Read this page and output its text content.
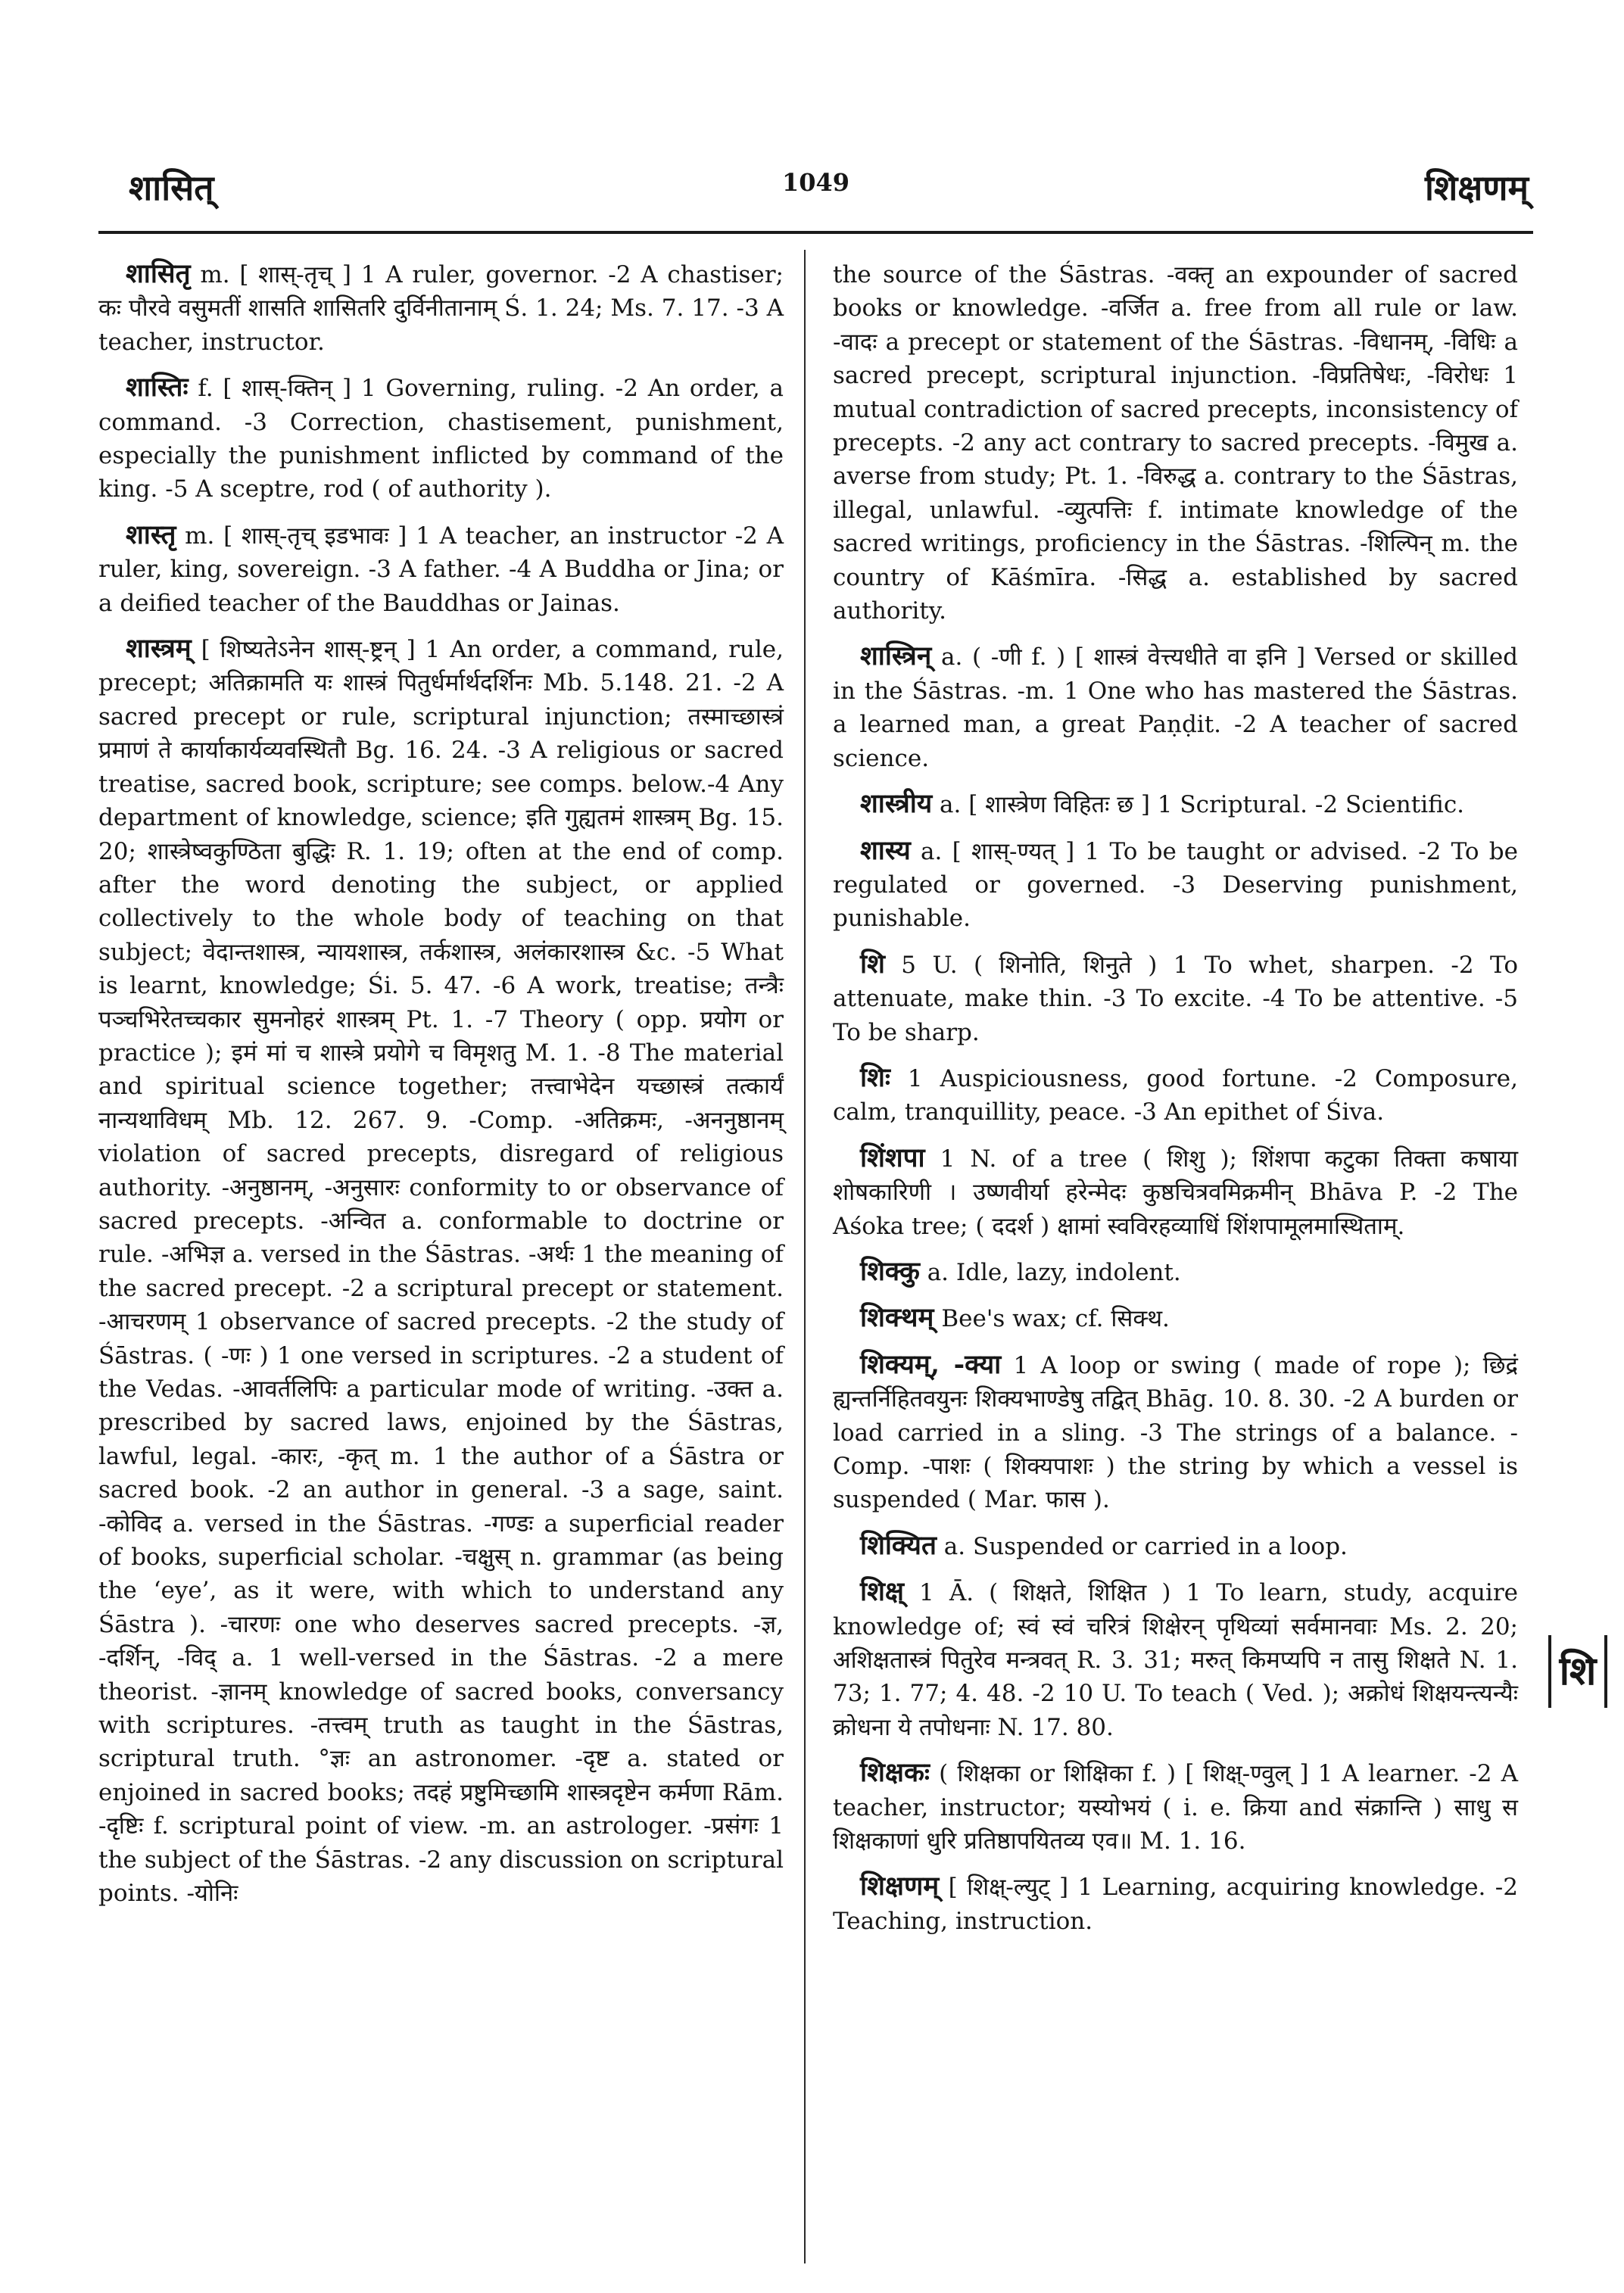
शासित्	1049	शिक्षणम्

शासितृ m. [ शास्-तृच् ] 1 A ruler, governor. -2 A chastiser; कः पौरवे वसुमतीं शासति शासितरि दुर्विनीतानाम् Ś. 1. 24; Ms. 7. 17. -3 A teacher, instructor.

शास्तिः f. [ शास्-क्तिन् ] 1 Governing, ruling. -2 An order, a command. -3 Correction, chastisement, punishment, especially the punishment inflicted by command of the king. -5 A sceptre, rod ( of authority ).

शास्तृ m. [ शास्-तृच् इडभावः ] 1 A teacher, an instructor -2 A ruler, king, sovereign. -3 A father. -4 A Buddha or Jina; or a deified teacher of the Bauddhas or Jainas.

शास्त्रम् [ शिष्यतेऽनेन शास्-ष्ट्रन् ] 1 An order, a command, rule, precept; अतिक्रामति यः शास्त्रं पितुर्धर्मार्थदर्शिनः Mb. 5.148. 21. -2 A sacred precept or rule, scriptural injunction; तस्माच्छास्त्रं प्रमाणं ते कार्याकार्यव्यवस्थितौ Bg. 16. 24. -3 A religious or sacred treatise, sacred book, scripture; see comps. below.-4 Any department of knowledge, science; इति गुह्यतमं शास्त्रम् Bg. 15. 20; शास्त्रेष्वकुण्ठिता बुद्धिः R. 1. 19; often at the end of comp. after the word denoting the subject, or applied collectively to the whole body of teaching on that subject; वेदान्तशास्त्र, न्यायशास्त्र, तर्कशास्त्र, अलंकारशास्त्र &c. -5 What is learnt, knowledge; Śi. 5. 47. -6 A work, treatise; तन्त्रैः पञ्चभिरेतच्चकार सुमनोहरं शास्त्रम् Pt. 1. -7 Theory ( opp. प्रयोग or practice ); इमं मां च शास्त्रे प्रयोगे च विमृशतु M. 1. -8 The material and spiritual science together; तत्त्वाभेदेन यच्छास्त्रं तत्कार्यं नान्यथाविधम् Mb. 12. 267. 9. -Comp. -अतिक्रमः, -अननुष्ठानम् violation of sacred precepts, disregard of religious authority. -अनुष्ठानम्, -अनुसारः conformity to or observance of sacred precepts. -अन्वित a. conformable to doctrine or rule. -अभिज्ञ a. versed in the Śāstras. -अर्थः 1 the meaning of the sacred precept. -2 a scriptural precept or statement. -आचरणम् 1 observance of sacred precepts. -2 the study of Śāstras. ( -णः ) 1 one versed in scriptures. -2 a student of the Vedas. -आवर्तलिपिः a particular mode of writing. -उक्त a. prescribed by sacred laws, enjoined by the Śāstras, lawful, legal. -कारः, -कृत् m. 1 the author of a Śāstra or sacred book. -2 an author in general. -3 a sage, saint. -कोविद a. versed in the Śāstras. -गण्डः a superficial reader of books, superficial scholar. -चक्षुस् n. grammar (as being the ‘eye’, as it were, with which to understand any Śāstra ). -चारणः one who deserves sacred precepts. -ज्ञ, -दर्शिन्, -विद् a. 1 well-versed in the Śāstras. -2 a mere theorist. -ज्ञानम् knowledge of sacred books, conversancy with scriptures. -तत्त्वम् truth as taught in the Śāstras, scriptural truth. °ज्ञः an astronomer. -दृष्ट a. stated or enjoined in sacred books; तदहं प्रष्टुमिच्छामि शास्त्रदृष्टेन कर्मणा Rām. -दृष्टिः f. scriptural point of view. -m. an astrologer. -प्रसंगः 1 the subject of the Śāstras. -2 any discussion on scriptural points. -योनिः

the source of the Śāstras. -वक्तृ an expounder of sacred books or knowledge. -वर्जित a. free from all rule or law. -वादः a precept or statement of the Śāstras. -विधानम्, -विधिः a sacred precept, scriptural injunction. -विप्रतिषेधः, -विरोधः 1 mutual contradiction of sacred precepts, inconsistency of precepts. -2 any act contrary to sacred precepts. -विमुख a. averse from study; Pt. 1. -विरुद्ध a. contrary to the Śāstras, illegal, unlawful. -व्युत्पत्तिः f. intimate knowledge of the sacred writings, proficiency in the Śāstras. -शिल्पिन् m. the country of Kāśmīra. -सिद्ध a. established by sacred authority.

शास्त्रिन् a. ( -णी f. ) [ शास्त्रं वेत्त्यधीते वा इनि ] Versed or skilled in the Śāstras. -m. 1 One who has mastered the Śāstras. a learned man, a great Paṇḍit. -2 A teacher of sacred science.

शास्त्रीय a. [ शास्त्रेण विहितः छ ] 1 Scriptural. -2 Scientific.

शास्य a. [ शास्-ण्यत् ] 1 To be taught or advised. -2 To be regulated or governed. -3 Deserving punishment, punishable.

शि 5 U. ( शिनोति, शिनुते ) 1 To whet, sharpen. -2 To attenuate, make thin. -3 To excite. -4 To be attentive. -5 To be sharp.

शिः 1 Auspiciousness, good fortune. -2 Composure, calm, tranquillity, peace. -3 An epithet of Śiva.

शिंशपा 1 N. of a tree ( शिशु ); शिंशपा कटुका तिक्ता कषाया शोषकारिणी । उष्णवीर्या हरेन्मेदः कुष्ठचित्रवमिक्रमीन् Bhāva P. -2 The Aśoka tree; ( ददर्श ) क्षामां स्वविरहव्याधिं शिंशपामूलमास्थिताम्.

शिक्कु a. Idle, lazy, indolent.

शिक्थम् Bee's wax; cf. सिक्थ.

शिक्यम्, -क्या 1 A loop or swing ( made of rope ); छिद्रं ह्यन्तर्निहितवयुनः शिक्यभाण्डेषु तद्वित् Bhāg. 10. 8. 30. -2 A burden or load carried in a sling. -3 The strings of a balance. -Comp. -पाशः ( शिक्यपाशः ) the string by which a vessel is suspended ( Mar. फास ).

शिक्यित a. Suspended or carried in a loop.

शिक्ष् 1 Ā. ( शिक्षते, शिक्षित ) 1 To learn, study, acquire knowledge of; स्वं स्वं चरित्रं शिक्षेरन् पृथिव्यां सर्वमानवाः Ms. 2. 20; अशिक्षतास्त्रं पितुरेव मन्त्रवत् R. 3. 31; मरुत् किमप्यपि न तासु शिक्षते N. 1. 73; 1. 77; 4. 48. -2 10 U. To teach ( Ved. ); अक्रोधं शिक्षयन्त्यन्यैः क्रोधना ये तपोधनाः N. 17. 80.

शिक्षकः ( शिक्षका or शिक्षिका f. ) [ शिक्ष्-ण्वुल् ] 1 A learner. -2 A teacher, instructor; यस्योभयं ( i. e. क्रिया and संक्रान्ति ) साधु स शिक्षकाणां धुरि प्रतिष्ठापयितव्य एव॥ M. 1. 16.

शिक्षणम् [ शिक्ष्-ल्युट् ] 1 Learning, acquiring knowledge. -2 Teaching, instruction.

शि
